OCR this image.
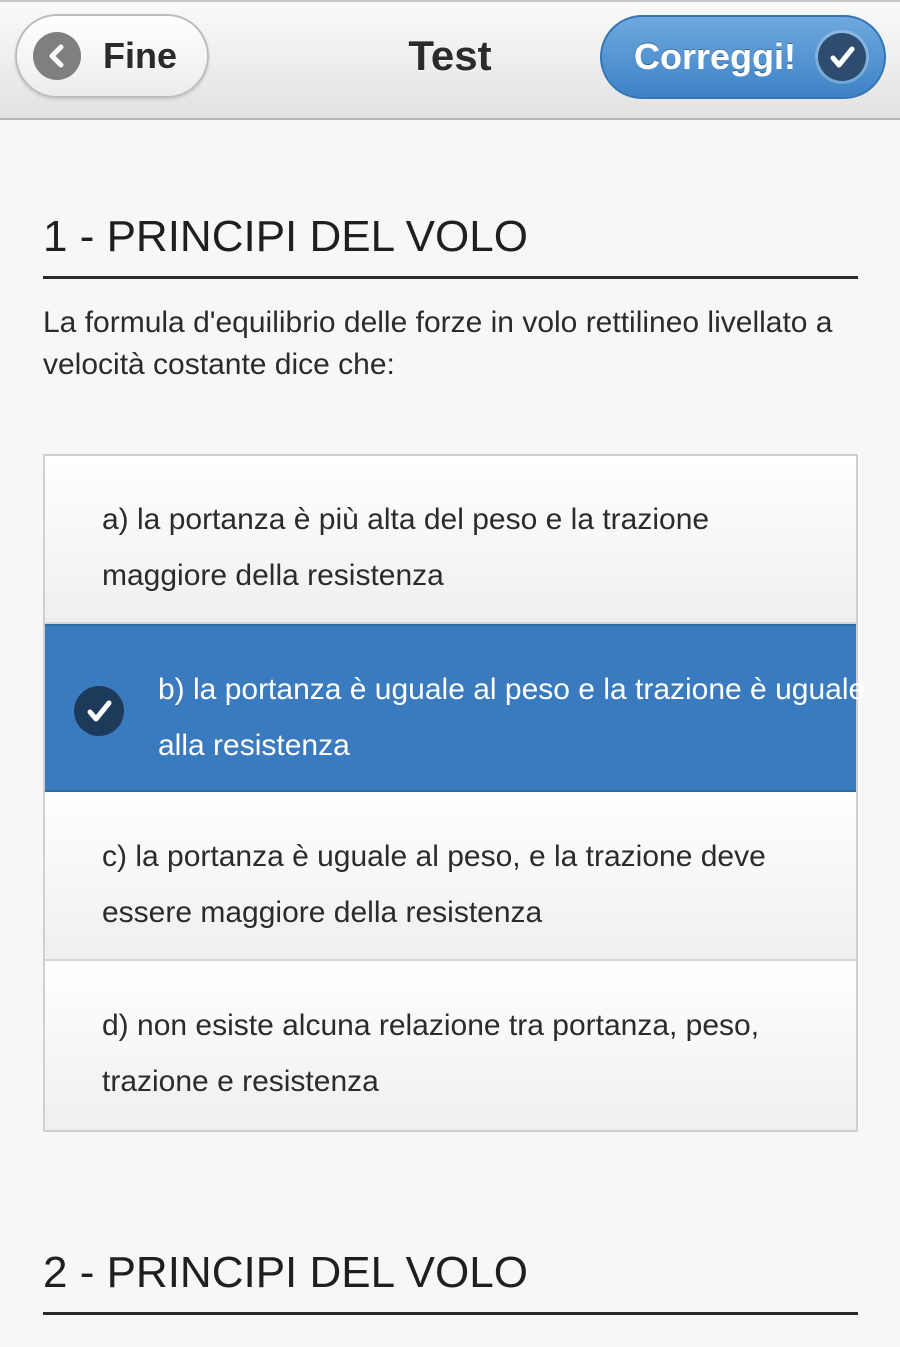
Fine	Test	Correggi!
1 - PRINCIPI DEL VOLO
La formula d'equilibrio delle forze in volo rettilineo livellato a velocità costante dice che:
a) la portanza è più alta del peso e la trazione maggiore della resistenza
b) la portanza è uguale al peso e la trazione è uguale alla resistenza
c) la portanza è uguale al peso, e la trazione deve essere maggiore della resistenza
d) non esiste alcuna relazione tra portanza, peso, trazione e resistenza
2 - PRINCIPI DEL VOLO
